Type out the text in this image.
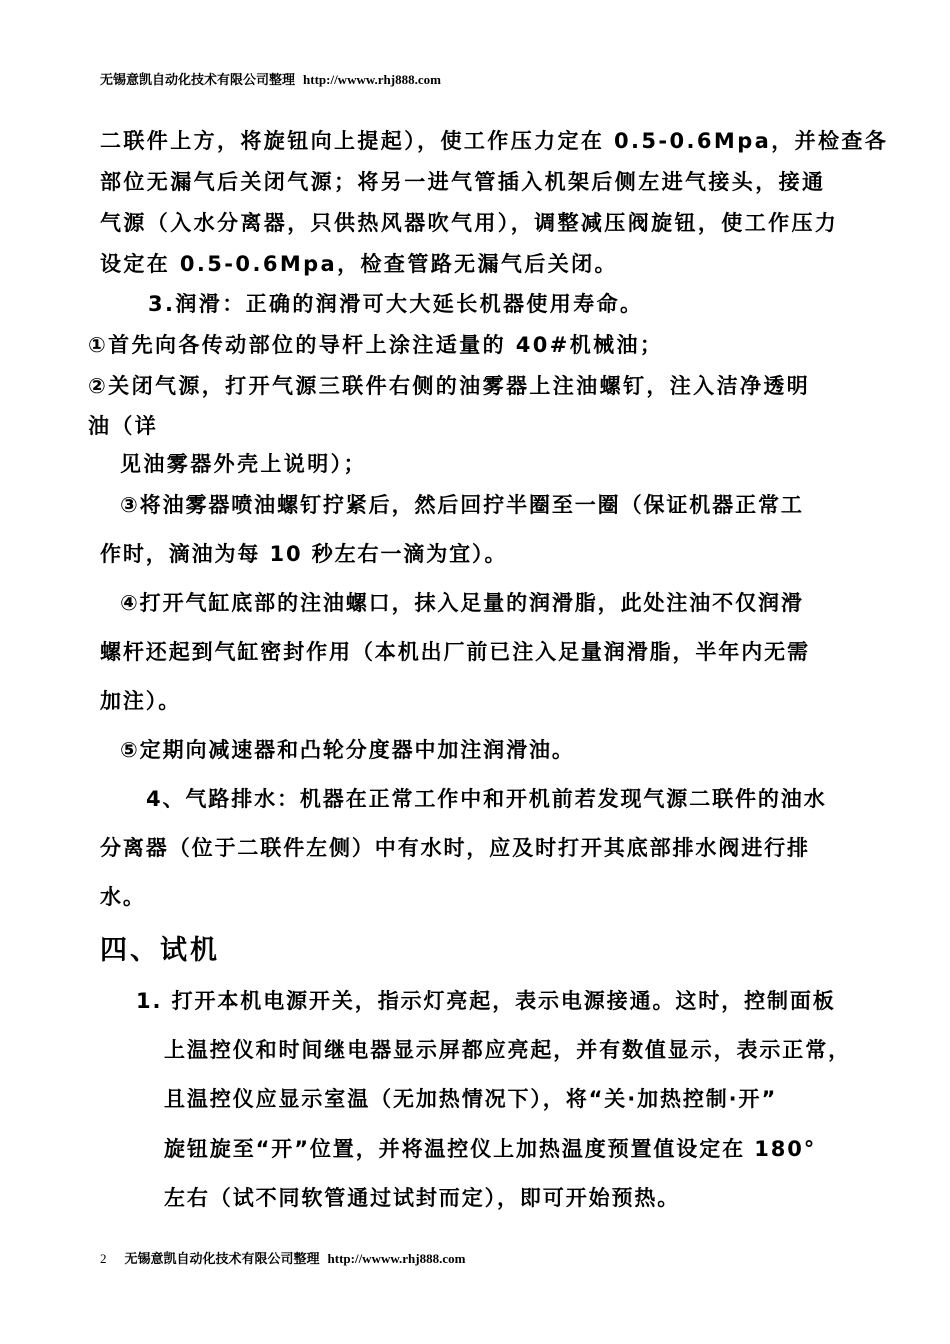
无锡意凯自动化技术有限公司整理 http://wwww.rhj888.com
二联件上方，将旋钮向上提起），使工作压力定在 0.5-0.6Mpa，并检查各
部位无漏气后关闭气源；将另一进气管插入机架后侧左进气接头，接通
气源（入水分离器，只供热风器吹气用），调整减压阀旋钮，使工作压力
设定在 0.5-0.6Mpa，检查管路无漏气后关闭。
3.润滑：正确的润滑可大大延长机器使用寿命。
①首先向各传动部位的导杆上涂注适量的 40#机械油；
②关闭气源，打开气源三联件右侧的油雾器上注油螺钉，注入洁净透明
油（详
见油雾器外壳上说明）；
③将油雾器喷油螺钉拧紧后，然后回拧半圈至一圈（保证机器正常工
作时，滴油为每 10 秒左右一滴为宜）。
④打开气缸底部的注油螺口，抹入足量的润滑脂，此处注油不仅润滑
螺杆还起到气缸密封作用（本机出厂前已注入足量润滑脂，半年内无需
加注）。
⑤定期向减速器和凸轮分度器中加注润滑油。
4、气路排水：机器在正常工作中和开机前若发现气源二联件的油水
分离器（位于二联件左侧）中有水时，应及时打开其底部排水阀进行排
水。
四、试机
1. 打开本机电源开关，指示灯亮起，表示电源接通。这时，控制面板
上温控仪和时间继电器显示屏都应亮起，并有数值显示，表示正常，
且温控仪应显示室温（无加热情况下），将“关·加热控制·开”
旋钮旋至“开”位置，并将温控仪上加热温度预置值设定在 180°
左右（试不同软管通过试封而定），即可开始预热。
2 无锡意凯自动化技术有限公司整理 http://wwww.rhj888.com
